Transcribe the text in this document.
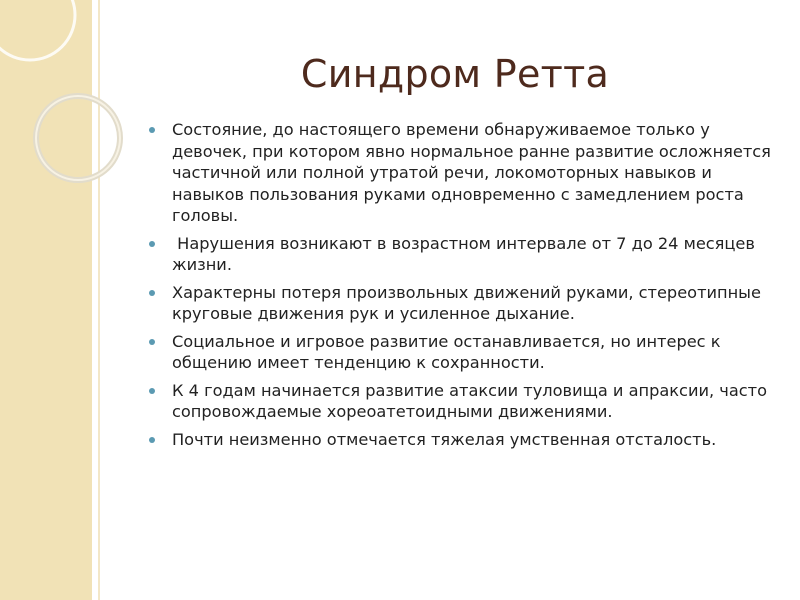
Синдром Ретта
Состояние, до настоящего времени обнаруживаемое только у девочек, при котором явно нормальное ранне развитие осложняется частичной или полной утратой речи, локомоторных навыков и навыков пользования руками одновременно с замедлением роста головы.
Нарушения возникают в возрастном интервале от 7 до 24 месяцев жизни.
Характерны потеря произвольных движений руками, стереотипные круговые движения рук и усиленное дыхание.
Социальное и игровое развитие останавливается, но интерес к общению имеет тенденцию к сохранности.
К 4 годам начинается развитие атаксии туловища и апраксии, часто сопровождаемые хореоатетоидными движениями.
Почти неизменно отмечается тяжелая умственная отсталость.
